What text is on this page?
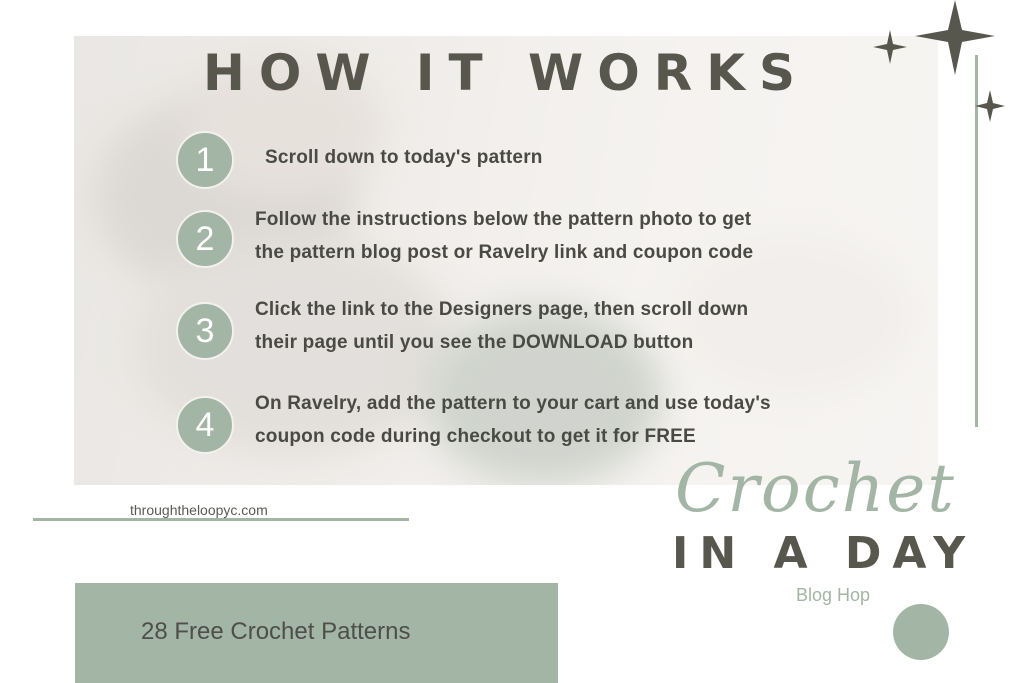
HOW IT WORKS
1	Scroll down to today's pattern
2
Follow the instructions below the pattern photo to get
the pattern blog post or Ravelry link and coupon code
3
Click the link to the Designers page, then scroll down
their page until you see the DOWNLOAD button
4
On Ravelry, add the pattern to your cart and use today's
coupon code during checkout to get it for FREE
throughtheloopyc.com
28 Free Crochet Patterns
Crochet
IN A DAY
Blog Hop
